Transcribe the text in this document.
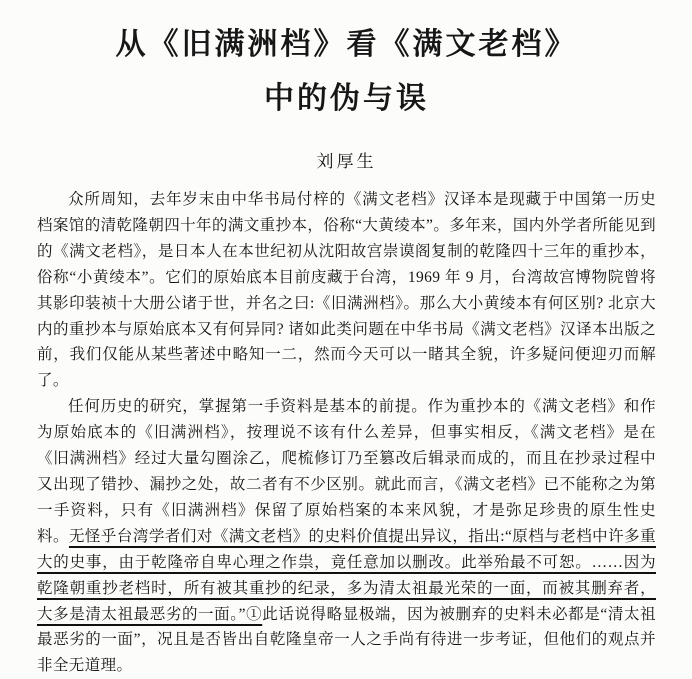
从《旧满洲档》看《满文老档》
中的伪与误
刘厚生

众所周知，去年岁末由中华书局付梓的《满文老档》汉译本是现藏于中国第一历史档案馆的清乾隆朝四十年的满文重抄本，俗称“大黄绫本”。多年来，国内外学者所能见到的《满文老档》，是日本人在本世纪初从沈阳故宫崇谟阁复制的乾隆四十三年的重抄本，俗称“小黄绫本”。它们的原始底本目前庋藏于台湾，1969 年 9 月，台湾故宫博物院曾将其影印装祯十大册公诸于世，并名之曰:《旧满洲档》。那么大小黄绫本有何区别? 北京大内的重抄本与原始底本又有何异同? 诸如此类问题在中华书局《满文老档》汉译本出版之前，我们仅能从某些著述中略知一二，然而今天可以一睹其全貌，许多疑问便迎刃而解了。

任何历史的研究，掌握第一手资料是基本的前提。作为重抄本的《满文老档》和作为原始底本的《旧满洲档》，按理说不该有什么差异，但事实相反，《满文老档》是在《旧满洲档》经过大量勾圈涂乙，爬梳修订乃至篡改后辑录而成的，而且在抄录过程中又出现了错抄、漏抄之处，故二者有不少区别。就此而言，《满文老档》已不能称之为第一手资料，只有《旧满洲档》保留了原始档案的本来风貌，才是弥足珍贵的原生性史料。无怪乎台湾学者们对《满文老档》的史料价值提出异议，指出:“原档与老档中许多重大的史事，由于乾隆帝自卑心理之作祟，竟任意加以删改。此举殆最不可恕。……因为乾隆朝重抄老档时，所有被其重抄的纪录，多为清太祖最光荣的一面，而被其删弃者，大多是清太祖最恶劣的一面。”①此话说得略显极端，因为被删弃的史料未必都是“清太祖最恶劣的一面”，况且是否皆出自乾隆皇帝一人之手尚有待进一步考证，但他们的观点并非全无道理。
